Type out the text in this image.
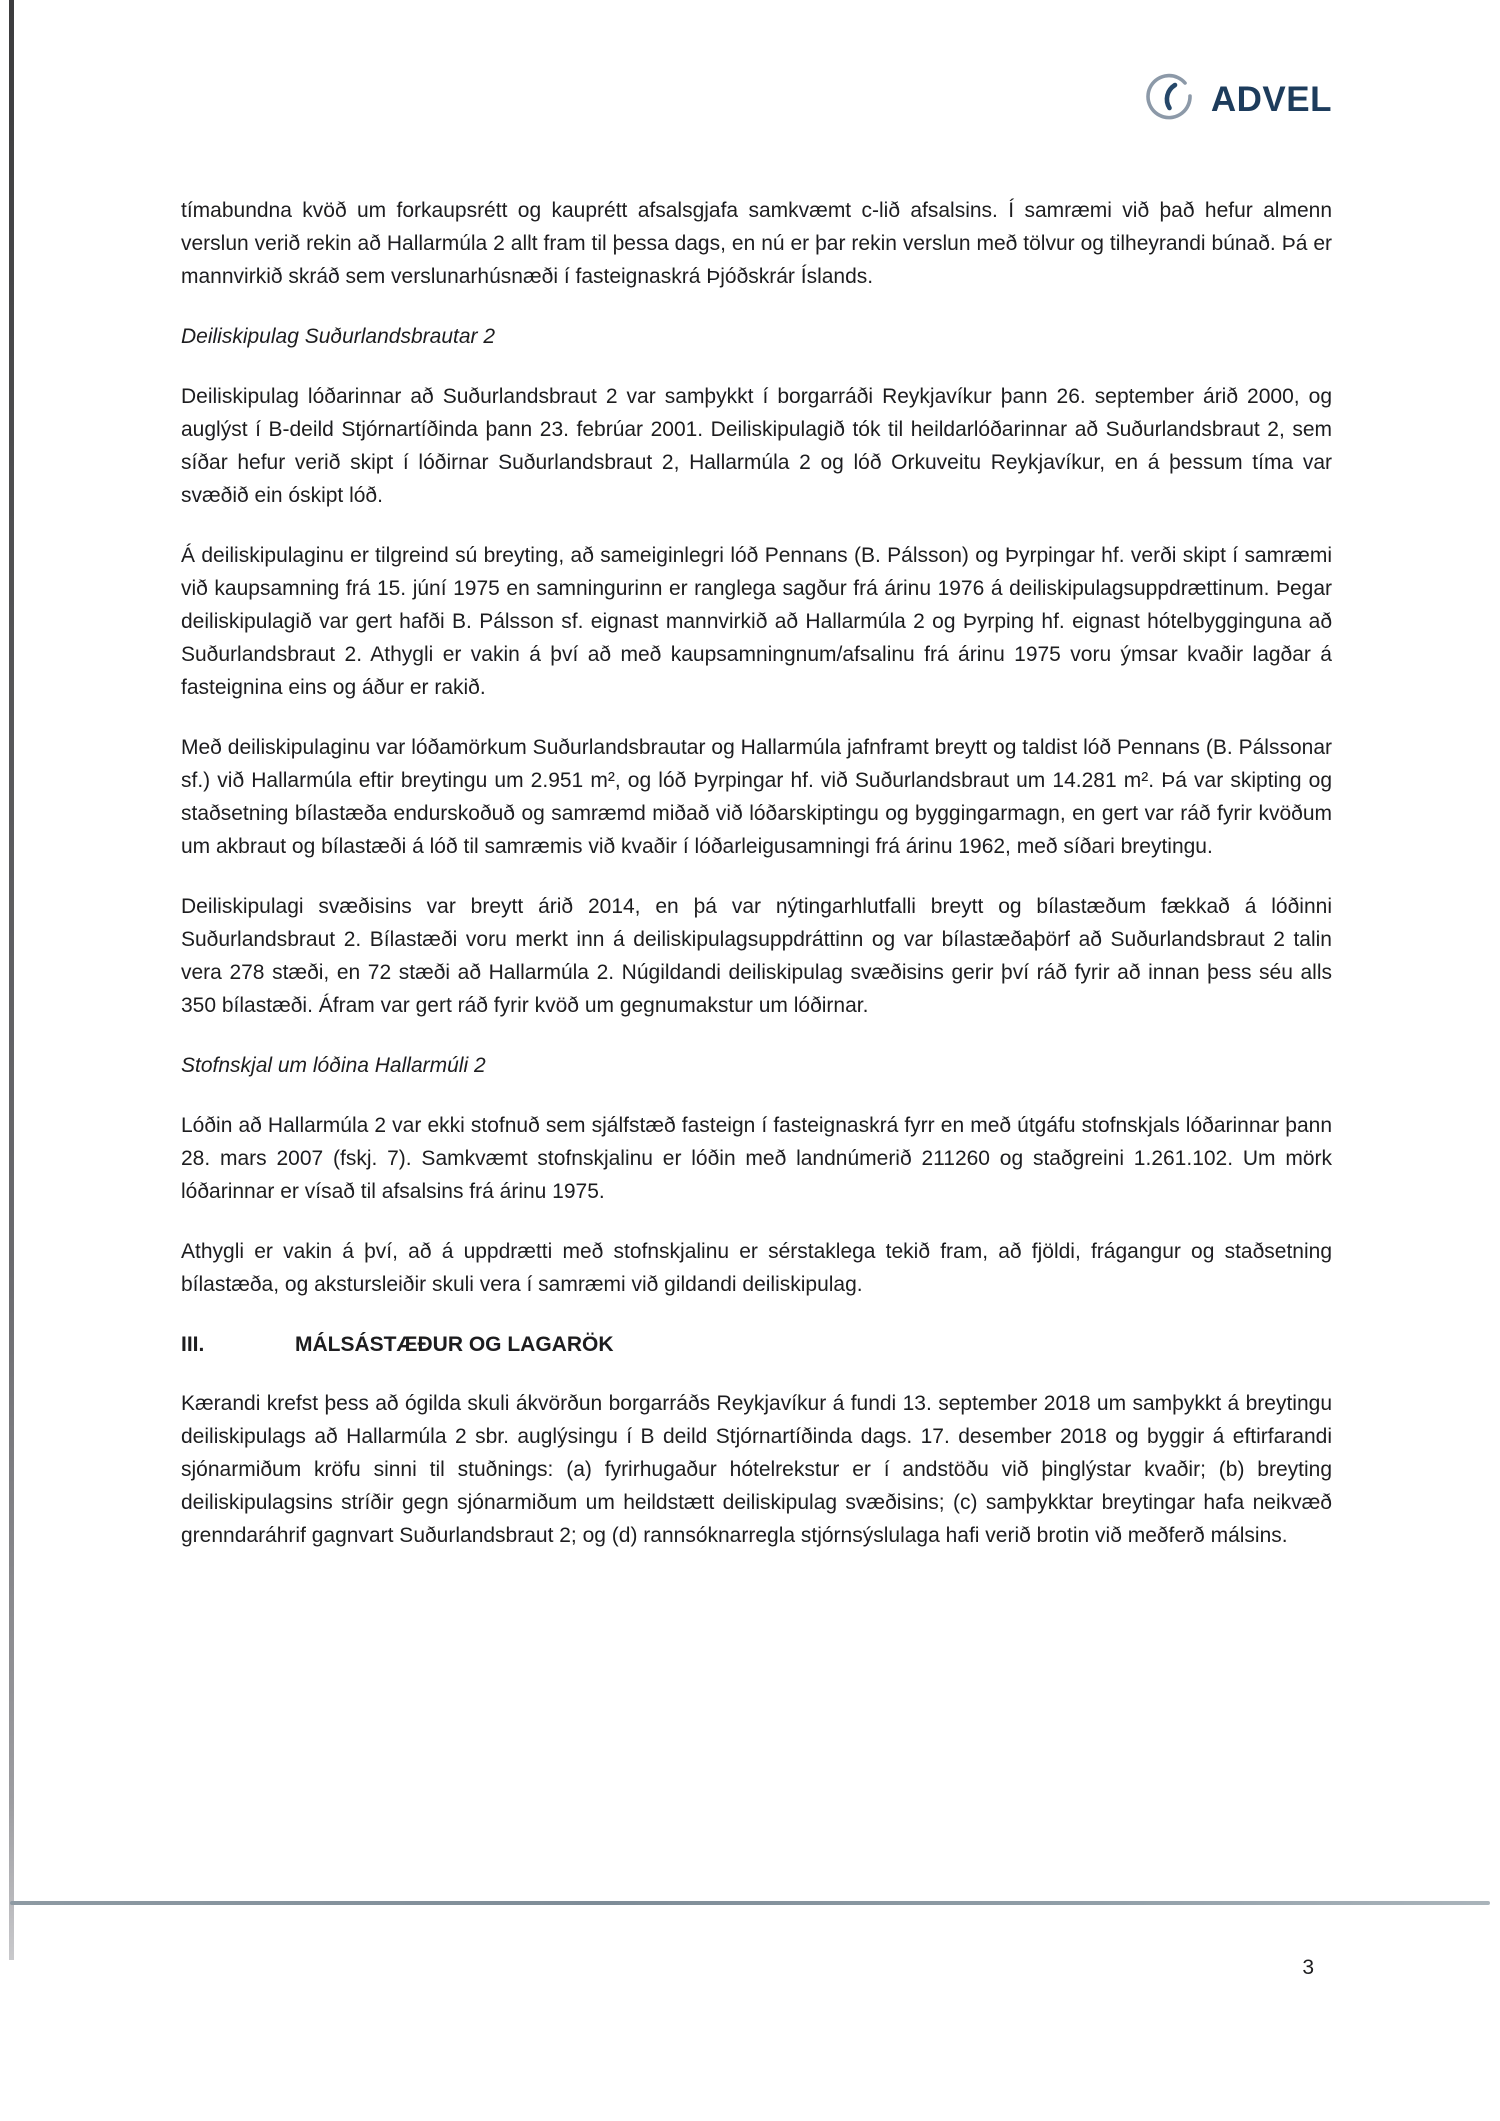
ADVEL

tímabundna kvöð um forkaupsrétt og kauprétt afsalsgjafa samkvæmt c-lið afsalsins. Í samræmi við það hefur almenn verslun verið rekin að Hallarmúla 2 allt fram til þessa dags, en nú er þar rekin verslun með tölvur og tilheyrandi búnað. Þá er mannvirkið skráð sem verslunarhúsnæði í fasteignaskrá Þjóðskrár Íslands.

Deiliskipulag Suðurlandsbrautar 2

Deiliskipulag lóðarinnar að Suðurlandsbraut 2 var samþykkt í borgarráði Reykjavíkur þann 26. september árið 2000, og auglýst í B-deild Stjórnartíðinda þann 23. febrúar 2001. Deiliskipulagið tók til heildarlóðarinnar að Suðurlandsbraut 2, sem síðar hefur verið skipt í lóðirnar Suðurlandsbraut 2, Hallarmúla 2 og lóð Orkuveitu Reykjavíkur, en á þessum tíma var svæðið ein óskipt lóð.

Á deiliskipulaginu er tilgreind sú breyting, að sameiginlegri lóð Pennans (B. Pálsson) og Þyrpingar hf. verði skipt í samræmi við kaupsamning frá 15. júní 1975 en samningurinn er ranglega sagður frá árinu 1976 á deiliskipulagsuppdrættinum. Þegar deiliskipulagið var gert hafði B. Pálsson sf. eignast mannvirkið að Hallarmúla 2 og Þyrping hf. eignast hótelbygginguna að Suðurlandsbraut 2. Athygli er vakin á því að með kaupsamningnum/afsalinu frá árinu 1975 voru ýmsar kvaðir lagðar á fasteignina eins og áður er rakið.

Með deiliskipulaginu var lóðamörkum Suðurlandsbrautar og Hallarmúla jafnframt breytt og taldist lóð Pennans (B. Pálssonar sf.) við Hallarmúla eftir breytingu um 2.951 m², og lóð Þyrpingar hf. við Suðurlandsbraut um 14.281 m². Þá var skipting og staðsetning bílastæða endurskoðuð og samræmd miðað við lóðarskiptingu og byggingarmagn, en gert var ráð fyrir kvöðum um akbraut og bílastæði á lóð til samræmis við kvaðir í lóðarleigusamningi frá árinu 1962, með síðari breytingu.

Deiliskipulagi svæðisins var breytt árið 2014, en þá var nýtingarhlutfalli breytt og bílastæðum fækkað á lóðinni Suðurlandsbraut 2. Bílastæði voru merkt inn á deiliskipulagsuppdráttinn og var bílastæðaþörf að Suðurlandsbraut 2 talin vera 278 stæði, en 72 stæði að Hallarmúla 2. Núgildandi deiliskipulag svæðisins gerir því ráð fyrir að innan þess séu alls 350 bílastæði. Áfram var gert ráð fyrir kvöð um gegnumakstur um lóðirnar.

Stofnskjal um lóðina Hallarmúli 2

Lóðin að Hallarmúla 2 var ekki stofnuð sem sjálfstæð fasteign í fasteignaskrá fyrr en með útgáfu stofnskjals lóðarinnar þann 28. mars 2007 (fskj. 7). Samkvæmt stofnskjalinu er lóðin með landnúmerið 211260 og staðgreini 1.261.102. Um mörk lóðarinnar er vísað til afsalsins frá árinu 1975.

Athygli er vakin á því, að á uppdrætti með stofnskjalinu er sérstaklega tekið fram, að fjöldi, frágangur og staðsetning bílastæða, og akstursleiðir skuli vera í samræmi við gildandi deiliskipulag.

III.	MÁLSÁSTÆÐUR OG LAGARÖK

Kærandi krefst þess að ógilda skuli ákvörðun borgarráðs Reykjavíkur á fundi 13. september 2018 um samþykkt á breytingu deiliskipulags að Hallarmúla 2 sbr. auglýsingu í B deild Stjórnartíðinda dags. 17. desember 2018 og byggir á eftirfarandi sjónarmiðum kröfu sinni til stuðnings: (a) fyrirhugaður hótelrekstur er í andstöðu við þinglýstar kvaðir; (b) breyting deiliskipulagsins stríðir gegn sjónarmiðum um heildstætt deiliskipulag svæðisins; (c) samþykktar breytingar hafa neikvæð grenndaráhrif gagnvart Suðurlandsbraut 2; og (d) rannsóknarregla stjórnsýslulaga hafi verið brotin við meðferð málsins.

3
